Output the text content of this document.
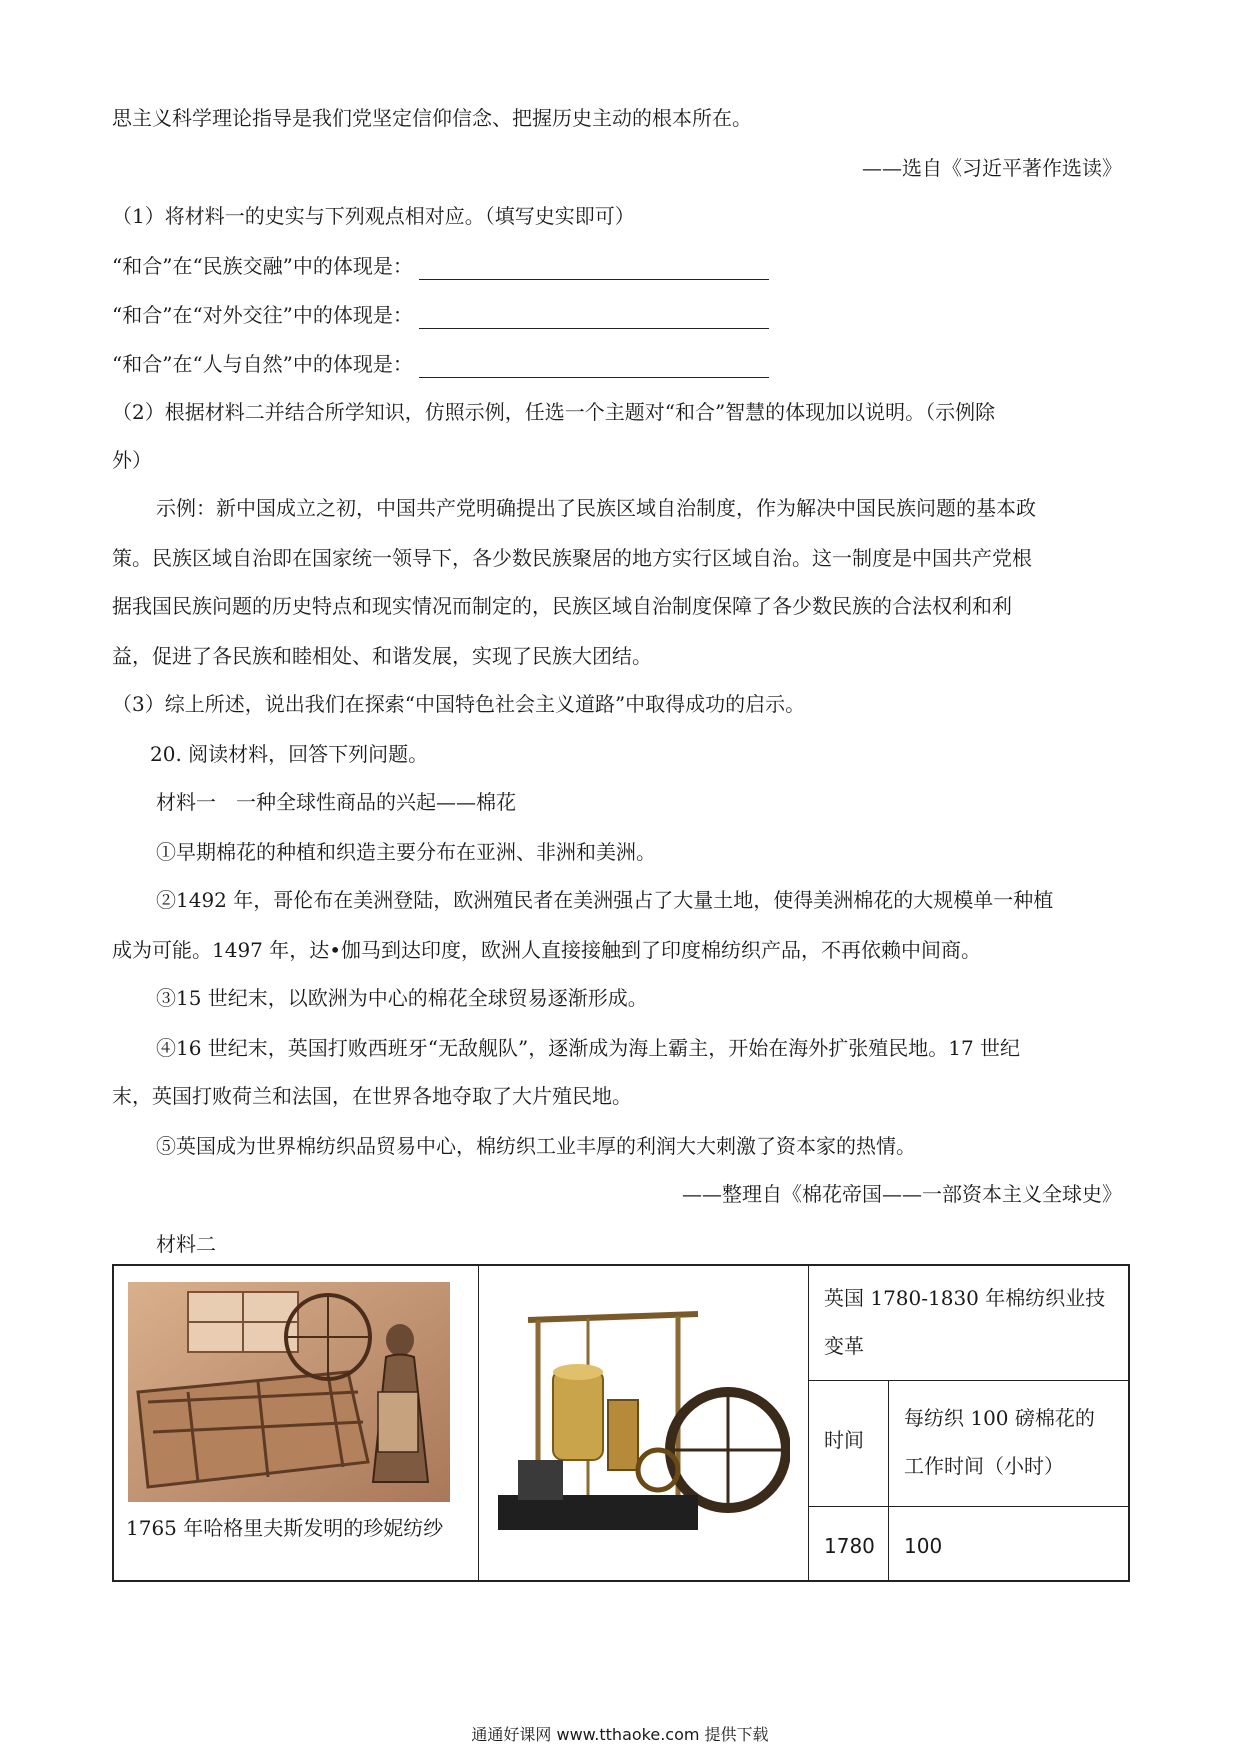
思主义科学理论指导是我们党坚定信仰信念、把握历史主动的根本所在。
——选自《习近平著作选读》
（1）将材料一的史实与下列观点相对应。（填写史实即可）
“和合”在“民族交融”中的体现是：
“和合”在“对外交往”中的体现是：
“和合”在“人与自然”中的体现是：
（2）根据材料二并结合所学知识，仿照示例，任选一个主题对“和合”智慧的体现加以说明。（示例除
外）
示例：新中国成立之初，中国共产党明确提出了民族区域自治制度，作为解决中国民族问题的基本政
策。民族区域自治即在国家统一领导下，各少数民族聚居的地方实行区域自治。这一制度是中国共产党根
据我国民族问题的历史特点和现实情况而制定的，民族区域自治制度保障了各少数民族的合法权利和利
益，促进了各民族和睦相处、和谐发展，实现了民族大团结。
（3）综上所述，说出我们在探索“中国特色社会主义道路”中取得成功的启示。
20. 阅读材料，回答下列问题。
材料一　一种全球性商品的兴起——棉花
①早期棉花的种植和织造主要分布在亚洲、非洲和美洲。
②1492 年，哥伦布在美洲登陆，欧洲殖民者在美洲强占了大量土地，使得美洲棉花的大规模单一种植
成为可能。1497 年，达•伽马到达印度，欧洲人直接接触到了印度棉纺织产品，不再依赖中间商。
③15 世纪末，以欧洲为中心的棉花全球贸易逐渐形成。
④16 世纪末，英国打败西班牙“无敌舰队”，逐渐成为海上霸主，开始在海外扩张殖民地。17 世纪
末，英国打败荷兰和法国，在世界各地夺取了大片殖民地。
⑤英国成为世界棉纺织品贸易中心，棉纺织工业丰厚的利润大大刺激了资本家的热情。
——整理自《棉花帝国——一部资本主义全球史》
材料二
1765 年哈格里夫斯发明的珍妮纺纱
英国 1780-1830 年棉纺织业技
变革
时间
每纺织 100 磅棉花的
工作时间（小时）
1780 100
通通好课网 www.tthaoke.com 提供下载
